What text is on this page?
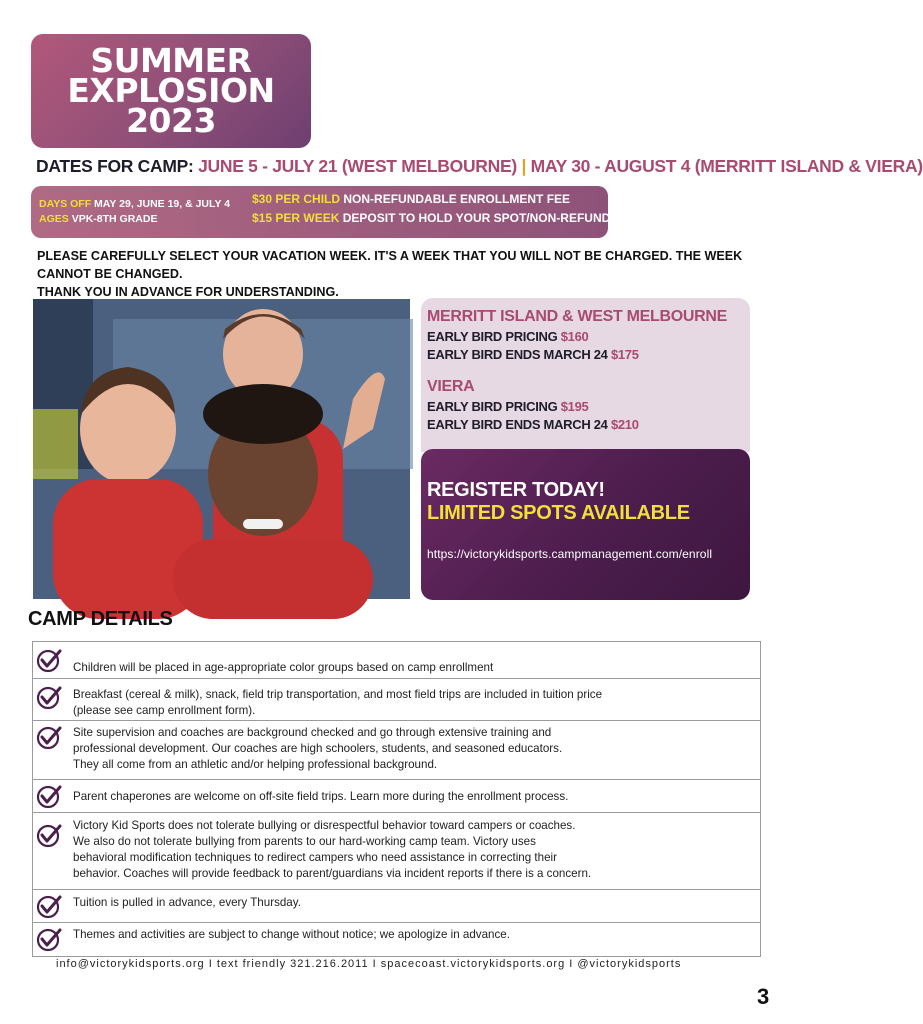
SUMMER
EXPLOSION
2023
DATES FOR CAMP: JUNE 5 - JULY 21 (WEST MELBOURNE) | MAY 30 - AUGUST 4 (MERRITT ISLAND & VIERA)
DAYS OFF MAY 29, JUNE 19, & JULY 4
AGES VPK-8TH GRADE
$30 PER CHILD NON-REFUNDABLE ENROLLMENT FEE
$15 PER WEEK DEPOSIT TO HOLD YOUR SPOT/NON-REFUNDABLE
PLEASE CAREFULLY SELECT YOUR VACATION WEEK. IT'S A WEEK THAT YOU WILL NOT BE CHARGED. THE WEEK CANNOT BE CHANGED.
THANK YOU IN ADVANCE FOR UNDERSTANDING.
MERRITT ISLAND & WEST MELBOURNE
EARLY BIRD PRICING $160
EARLY BIRD ENDS MARCH 24 $175
VIERA
EARLY BIRD PRICING $195
EARLY BIRD ENDS MARCH 24 $210
REGISTER TODAY!
LIMITED SPOTS AVAILABLE
https://victorykidsports.campmanagement.com/enroll
CAMP DETAILS
Children will be placed in age-appropriate color groups based on camp enrollment
Breakfast (cereal & milk), snack, field trip transportation, and most field trips are included in tuition price
(please see camp enrollment form).
Site supervision and coaches are background checked and go through extensive training and
professional development. Our coaches are high schoolers, students, and seasoned educators.
They all come from an athletic and/or helping professional background.
Parent chaperones are welcome on off-site field trips. Learn more during the enrollment process.
Victory Kid Sports does not tolerate bullying or disrespectful behavior toward campers or coaches.
We also do not tolerate bullying from parents to our hard-working camp team. Victory uses
behavioral modification techniques to redirect campers who need assistance in correcting their
behavior. Coaches will provide feedback to parent/guardians via incident reports if there is a concern.
Tuition is pulled in advance, every Thursday.
Themes and activities are subject to change without notice; we apologize in advance.
info@victorykidsports.org I text friendly 321.216.2011 I spacecoast.victorykidsports.org I @victorykidsports
3
